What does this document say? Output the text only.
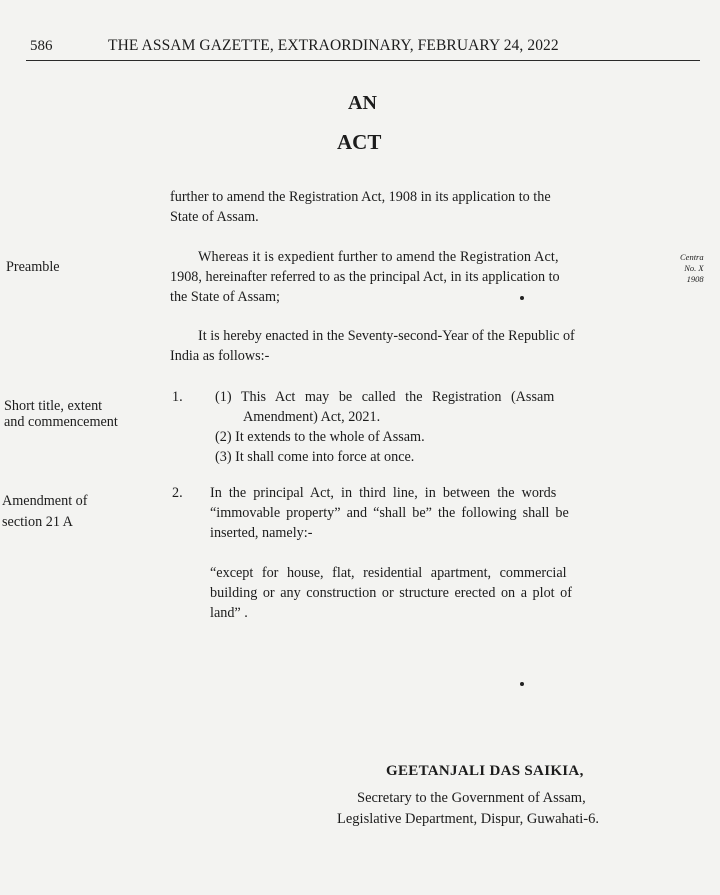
586	THE ASSAM GAZETTE, EXTRAORDINARY, FEBRUARY 24, 2022
AN
ACT
further to amend the Registration Act, 1908 in its application to the
State of Assam.
Preamble
Whereas it is expedient further to amend the Registration Act,
1908, hereinafter referred to as the principal Act, in its application to
the State of Assam;
Centra
No. X
1908
It is hereby enacted in the Seventy-second-Year of the Republic of
India as follows:-
Short title, extent
and commencement
1. (1) This Act may be called the Registration (Assam
Amendment) Act, 2021.
(2) It extends to the whole of Assam.
(3) It shall come into force at once.
Amendment of
section 21 A
2. In the principal Act, in third line, in between the words
“immovable property” and “shall be” the following shall be
inserted, namely:-
“except for house, flat, residential apartment, commercial
building or any construction or structure erected on a plot of
land” .
GEETANJALI DAS SAIKIA,
Secretary to the Government of Assam,
Legislative Department, Dispur, Guwahati-6.
